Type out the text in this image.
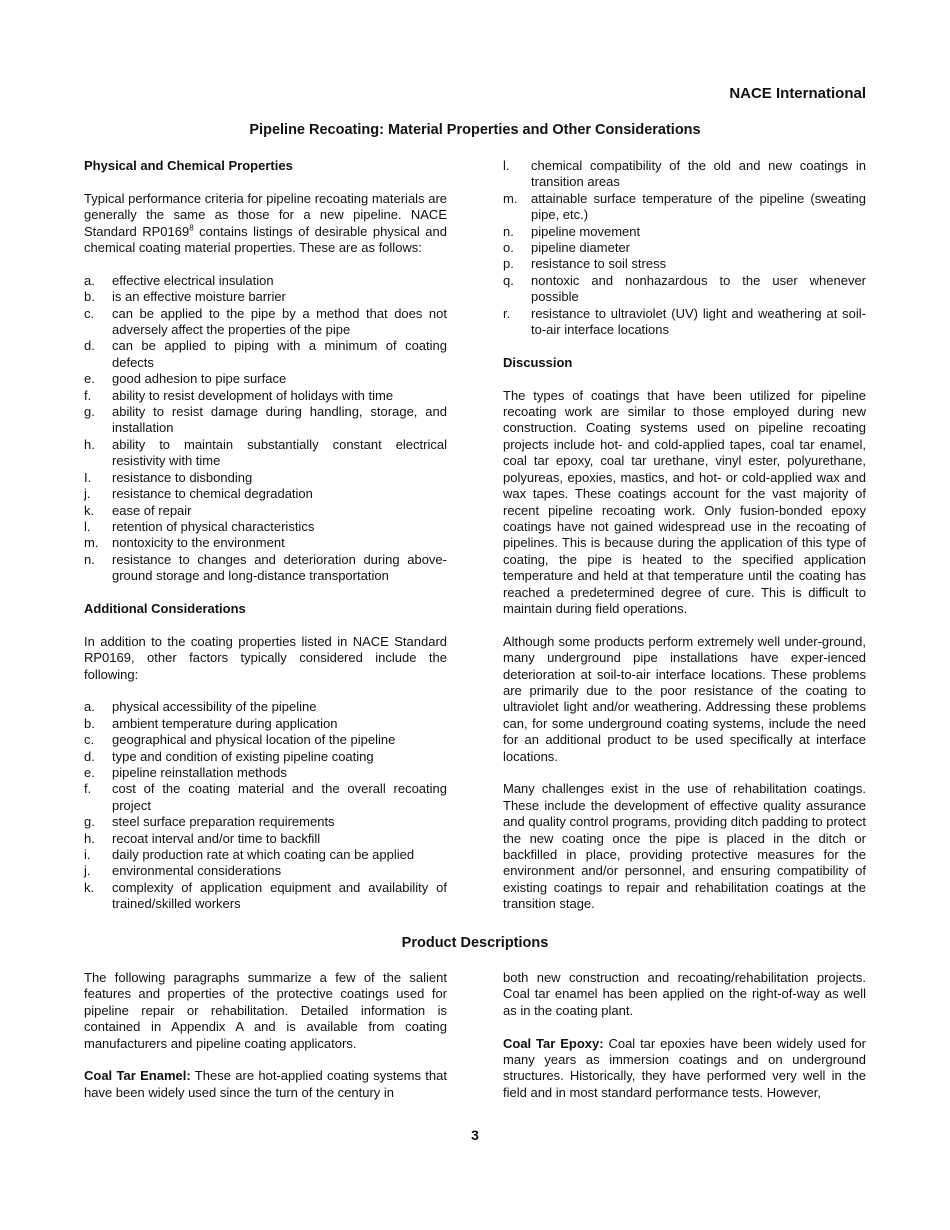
NACE International
Pipeline Recoating: Material Properties and Other Considerations
Physical and Chemical Properties

Typical performance criteria for pipeline recoating materials are generally the same as those for a new pipeline. NACE Standard RP0169$^8$ contains listings of desirable physical and chemical coating material properties. These are as follows:

a. effective electrical insulation
b. is an effective moisture barrier
c. can be applied to the pipe by a method that does not adversely affect the properties of the pipe
d. can be applied to piping with a minimum of coating defects
e. good adhesion to pipe surface
f. ability to resist development of holidays with time
g. ability to resist damage during handling, storage, and installation
h. ability to maintain substantially constant electrical resistivity with time
I. resistance to disbonding
j. resistance to chemical degradation
k. ease of repair
l. retention of physical characteristics
m. nontoxicity to the environment
n. resistance to changes and deterioration during above-ground storage and long-distance transportation
Additional Considerations

In addition to the coating properties listed in NACE Standard RP0169, other factors typically considered include the following:

a. physical accessibility of the pipeline
b. ambient temperature during application
c. geographical and physical location of the pipeline
d. type and condition of existing pipeline coating
e. pipeline reinstallation methods
f. cost of the coating material and the overall recoating project
g. steel surface preparation requirements
h. recoat interval and/or time to backfill
i. daily production rate at which coating can be applied
j. environmental considerations
k. complexity of application equipment and availability of trained/skilled workers
l. chemical compatibility of the old and new coatings in transition areas
m. attainable surface temperature of the pipeline (sweating pipe, etc.)
n. pipeline movement
o. pipeline diameter
p. resistance to soil stress
q. nontoxic and nonhazardous to the user whenever possible
r. resistance to ultraviolet (UV) light and weathering at soil-to-air interface locations
Discussion

The types of coatings that have been utilized for pipeline recoating work are similar to those employed during new construction. Coating systems used on pipeline recoating projects include hot- and cold-applied tapes, coal tar enamel, coal tar epoxy, coal tar urethane, vinyl ester, polyurethane, polyureas, epoxies, mastics, and hot- or cold-applied wax and wax tapes. These coatings account for the vast majority of recent pipeline recoating work. Only fusion-bonded epoxy coatings have not gained widespread use in the recoating of pipelines. This is because during the application of this type of coating, the pipe is heated to the specified application temperature and held at that temperature until the coating has reached a predetermined degree of cure. This is difficult to maintain during field operations.

Although some products perform extremely well under-ground, many underground pipe installations have exper-ienced deterioration at soil-to-air interface locations. These problems are primarily due to the poor resistance of the coating to ultraviolet light and/or weathering. Addressing these problems can, for some underground coating systems, include the need for an additional product to be used specifically at interface locations.

Many challenges exist in the use of rehabilitation coatings. These include the development of effective quality assurance and quality control programs, providing ditch padding to protect the new coating once the pipe is placed in the ditch or backfilled in place, providing protective measures for the environment and/or personnel, and ensuring compatibility of existing coatings to repair and rehabilitation coatings at the transition stage.

Product Descriptions

The following paragraphs summarize a few of the salient features and properties of the protective coatings used for pipeline repair or rehabilitation. Detailed information is contained in Appendix A and is available from coating manufacturers and pipeline coating applicators.

Coal Tar Enamel: These are hot-applied coating systems that have been widely used since the turn of the century in

both new construction and recoating/rehabilitation projects. Coal tar enamel has been applied on the right-of-way as well as in the coating plant.

Coal Tar Epoxy: Coal tar epoxies have been widely used for many years as immersion coatings and on underground structures. Historically, they have performed very well in the field and in most standard performance tests. However,

3
